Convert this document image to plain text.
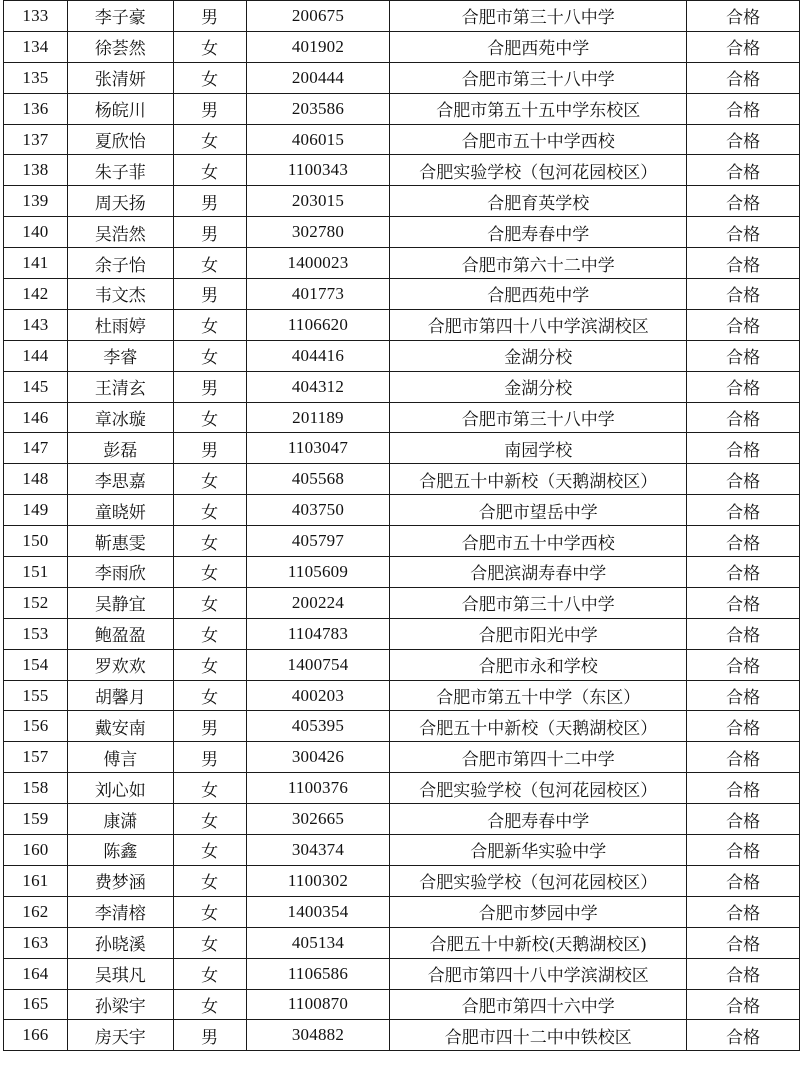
133	李子豪	男	200675	合肥市第三十八中学	合格
134	徐荟然	女	401902	合肥西苑中学	合格
135	张清妍	女	200444	合肥市第三十八中学	合格
136	杨皖川	男	203586	合肥市第五十五中学东校区	合格
137	夏欣怡	女	406015	合肥市五十中学西校	合格
138	朱子菲	女	1100343	合肥实验学校（包河花园校区）	合格
139	周天扬	男	203015	合肥育英学校	合格
140	吴浩然	男	302780	合肥寿春中学	合格
141	余子怡	女	1400023	合肥市第六十二中学	合格
142	韦文杰	男	401773	合肥西苑中学	合格
143	杜雨婷	女	1106620	合肥市第四十八中学滨湖校区	合格
144	李睿	女	404416	金湖分校	合格
145	王清玄	男	404312	金湖分校	合格
146	章冰璇	女	201189	合肥市第三十八中学	合格
147	彭磊	男	1103047	南园学校	合格
148	李思嘉	女	405568	合肥五十中新校（天鹅湖校区）	合格
149	童晓妍	女	403750	合肥市望岳中学	合格
150	靳惠雯	女	405797	合肥市五十中学西校	合格
151	李雨欣	女	1105609	合肥滨湖寿春中学	合格
152	吴静宜	女	200224	合肥市第三十八中学	合格
153	鲍盈盈	女	1104783	合肥市阳光中学	合格
154	罗欢欢	女	1400754	合肥市永和学校	合格
155	胡馨月	女	400203	合肥市第五十中学（东区）	合格
156	戴安南	男	405395	合肥五十中新校（天鹅湖校区）	合格
157	傅言	男	300426	合肥市第四十二中学	合格
158	刘心如	女	1100376	合肥实验学校（包河花园校区）	合格
159	康潇	女	302665	合肥寿春中学	合格
160	陈鑫	女	304374	合肥新华实验中学	合格
161	费梦涵	女	1100302	合肥实验学校（包河花园校区）	合格
162	李清榕	女	1400354	合肥市梦园中学	合格
163	孙晓溪	女	405134	合肥五十中新校(天鹅湖校区)	合格
164	吴琪凡	女	1106586	合肥市第四十八中学滨湖校区	合格
165	孙梁宇	女	1100870	合肥市第四十六中学	合格
166	房天宇	男	304882	合肥市四十二中中铁校区	合格
